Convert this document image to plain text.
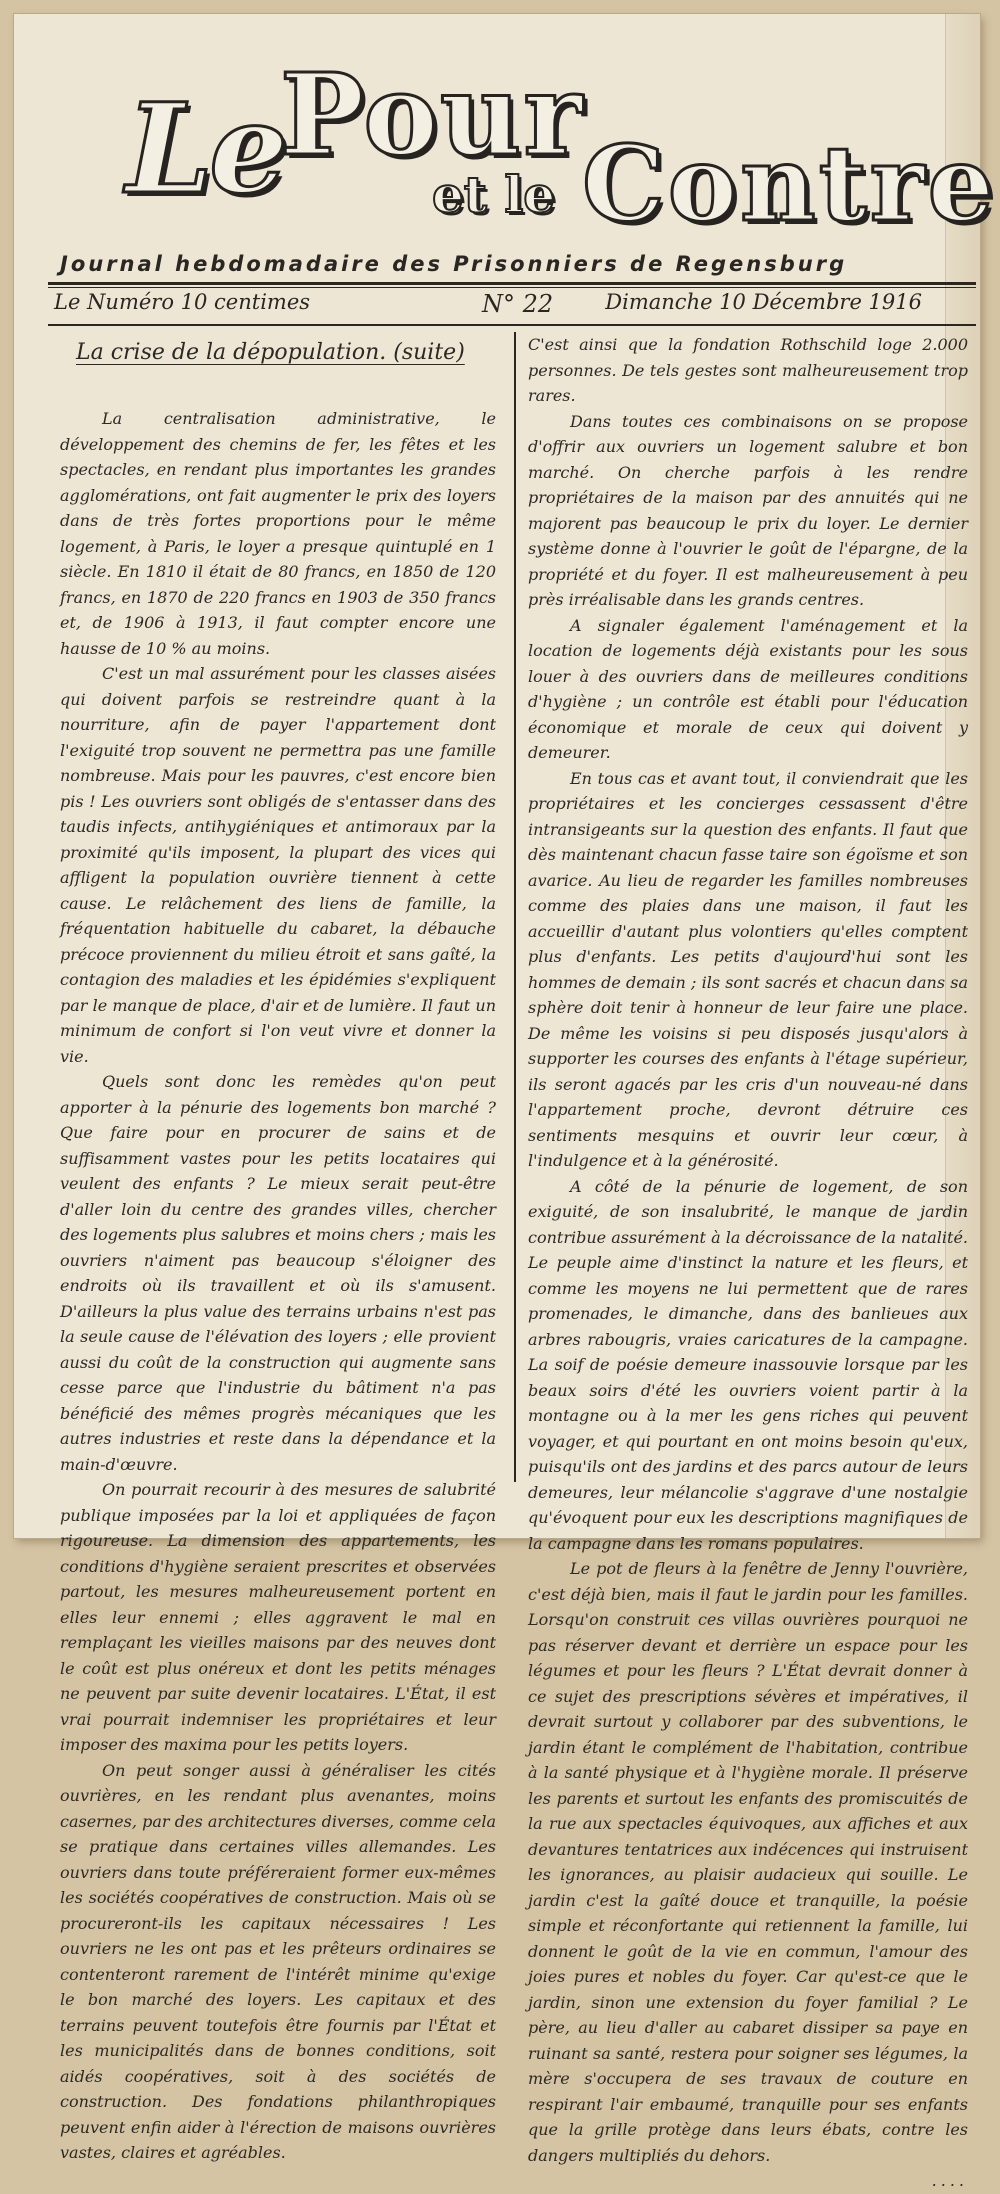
Le
Pour
et le Contre
Journal hebdomadaire des Prisonniers de Regensburg
Le Numéro 10 centimes	N° 22 Dimanche 10 Décembre 1916
La crise de la dépopulation. (suite)

La centralisation administrative, le développement des chemins de fer, les fêtes et les spectacles, en rendant plus importantes les grandes agglomérations, ont fait augmenter le prix des loyers dans de très fortes proportions pour le même logement, à Paris, le loyer a presque quintuplé en 1 siècle. En 1810 il était de 80 francs, en 1850 de 120 francs, en 1870 de 220 francs en 1903 de 350 francs et, de 1906 à 1913, il faut compter encore une hausse de 10 % au moins.

C'est un mal assurément pour les classes aisées qui doivent parfois se restreindre quant à la nourriture, afin de payer l'appartement dont l'exiguité trop souvent ne permettra pas une famille nombreuse. Mais pour les pauvres, c'est encore bien pis ! Les ouvriers sont obligés de s'entasser dans des taudis infects, antihygiéniques et antimoraux par la proximité qu'ils imposent, la plupart des vices qui affligent la population ouvrière tiennent à cette cause. Le relâchement des liens de famille, la fréquentation habituelle du cabaret, la débauche précoce proviennent du milieu étroit et sans gaîté, la contagion des maladies et les épidémies s'expliquent par le manque de place, d'air et de lumière. Il faut un minimum de confort si l'on veut vivre et donner la vie.

Quels sont donc les remèdes qu'on peut apporter à la pénurie des logements bon marché ? Que faire pour en procurer de sains et de suffisamment vastes pour les petits locataires qui veulent des enfants ? Le mieux serait peut-être d'aller loin du centre des grandes villes, chercher des logements plus salubres et moins chers ; mais les ouvriers n'aiment pas beaucoup s'éloigner des endroits où ils travaillent et où ils s'amusent. D'ailleurs la plus value des terrains urbains n'est pas la seule cause de l'élévation des loyers ; elle provient aussi du coût de la construction qui augmente sans cesse parce que l'industrie du bâtiment n'a pas bénéficié des mêmes progrès mécaniques que les autres industries et reste dans la dépendance et la main-d'œuvre.

On pourrait recourir à des mesures de salubrité publique imposées par la loi et appliquées de façon rigoureuse. La dimension des appartements, les conditions d'hygiène seraient prescrites et observées partout, les mesures malheureusement portent en elles leur ennemi ; elles aggravent le mal en remplaçant les vieilles maisons par des neuves dont le coût est plus onéreux et dont les petits ménages ne peuvent par suite devenir locataires. L'État, il est vrai pourrait indemniser les propriétaires et leur imposer des maxima pour les petits loyers.

On peut songer aussi à généraliser les cités ouvrières, en les rendant plus avenantes, moins casernes, par des architectures diverses, comme cela se pratique dans certaines villes allemandes. Les ouvriers dans toute préféreraient former eux-mêmes les sociétés coopératives de construction. Mais où se procureront-ils les capitaux nécessaires ! Les ouvriers ne les ont pas et les prêteurs ordinaires se contenteront rarement de l'intérêt minime qu'exige le bon marché des loyers. Les capitaux et des terrains peuvent toutefois être fournis par l'État et les municipalités dans de bonnes conditions, soit aidés coopératives, soit à des sociétés de construction. Des fondations philanthropiques peuvent enfin aider à l'érection de maisons ouvrières vastes, claires et agréables.

C'est ainsi que la fondation Rothschild loge 2.000 personnes. De tels gestes sont malheureusement trop rares.

Dans toutes ces combinaisons on se propose d'offrir aux ouvriers un logement salubre et bon marché. On cherche parfois à les rendre propriétaires de la maison par des annuités qui ne majorent pas beaucoup le prix du loyer. Le dernier système donne à l'ouvrier le goût de l'épargne, de la propriété et du foyer. Il est malheureusement à peu près irréalisable dans les grands centres.

A signaler également l'aménagement et la location de logements déjà existants pour les sous louer à des ouvriers dans de meilleures conditions d'hygiène ; un contrôle est établi pour l'éducation économique et morale de ceux qui doivent y demeurer.

En tous cas et avant tout, il conviendrait que les propriétaires et les concierges cessassent d'être intransigeants sur la question des enfants. Il faut que dès maintenant chacun fasse taire son égoïsme et son avarice. Au lieu de regarder les familles nombreuses comme des plaies dans une maison, il faut les accueillir d'autant plus volontiers qu'elles comptent plus d'enfants. Les petits d'aujourd'hui sont les hommes de demain ; ils sont sacrés et chacun dans sa sphère doit tenir à honneur de leur faire une place. De même les voisins si peu disposés jusqu'alors à supporter les courses des enfants à l'étage supérieur, ils seront agacés par les cris d'un nouveau-né dans l'appartement proche, devront détruire ces sentiments mesquins et ouvrir leur cœur, à l'indulgence et à la générosité.

A côté de la pénurie de logement, de son exiguité, de son insalubrité, le manque de jardin contribue assurément à la décroissance de la natalité. Le peuple aime d'instinct la nature et les fleurs, et comme les moyens ne lui permettent que de rares promenades, le dimanche, dans des banlieues aux arbres rabougris, vraies caricatures de la campagne. La soif de poésie demeure inassouvie lorsque par les beaux soirs d'été les ouvriers voient partir à la montagne ou à la mer les gens riches qui peuvent voyager, et qui pourtant en ont moins besoin qu'eux, puisqu'ils ont des jardins et des parcs autour de leurs demeures, leur mélancolie s'aggrave d'une nostalgie qu'évoquent pour eux les descriptions magnifiques de la campagne dans les romans populaires.

Le pot de fleurs à la fenêtre de Jenny l'ouvrière, c'est déjà bien, mais il faut le jardin pour les familles. Lorsqu'on construit ces villas ouvrières pourquoi ne pas réserver devant et derrière un espace pour les légumes et pour les fleurs ? L'État devrait donner à ce sujet des prescriptions sévères et impératives, il devrait surtout y collaborer par des subventions, le jardin étant le complément de l'habitation, contribue à la santé physique et à l'hygiène morale. Il préserve les parents et surtout les enfants des promiscuités de la rue aux spectacles équivoques, aux affiches et aux devantures tentatrices aux indécences qui instruisent les ignorances, au plaisir audacieux qui souille. Le jardin c'est la gaîté douce et tranquille, la poésie simple et réconfortante qui retiennent la famille, lui donnent le goût de la vie en commun, l'amour des joies pures et nobles du foyer. Car qu'est-ce que le jardin, sinon une extension du foyer familial ? Le père, au lieu d'aller au cabaret dissiper sa paye en ruinant sa santé, restera pour soigner ses légumes, la mère s'occupera de ses travaux de couture en respirant l'air embaumé, tranquille pour ses enfants que la grille protège dans leurs ébats, contre les dangers multipliés du dehors.

....
